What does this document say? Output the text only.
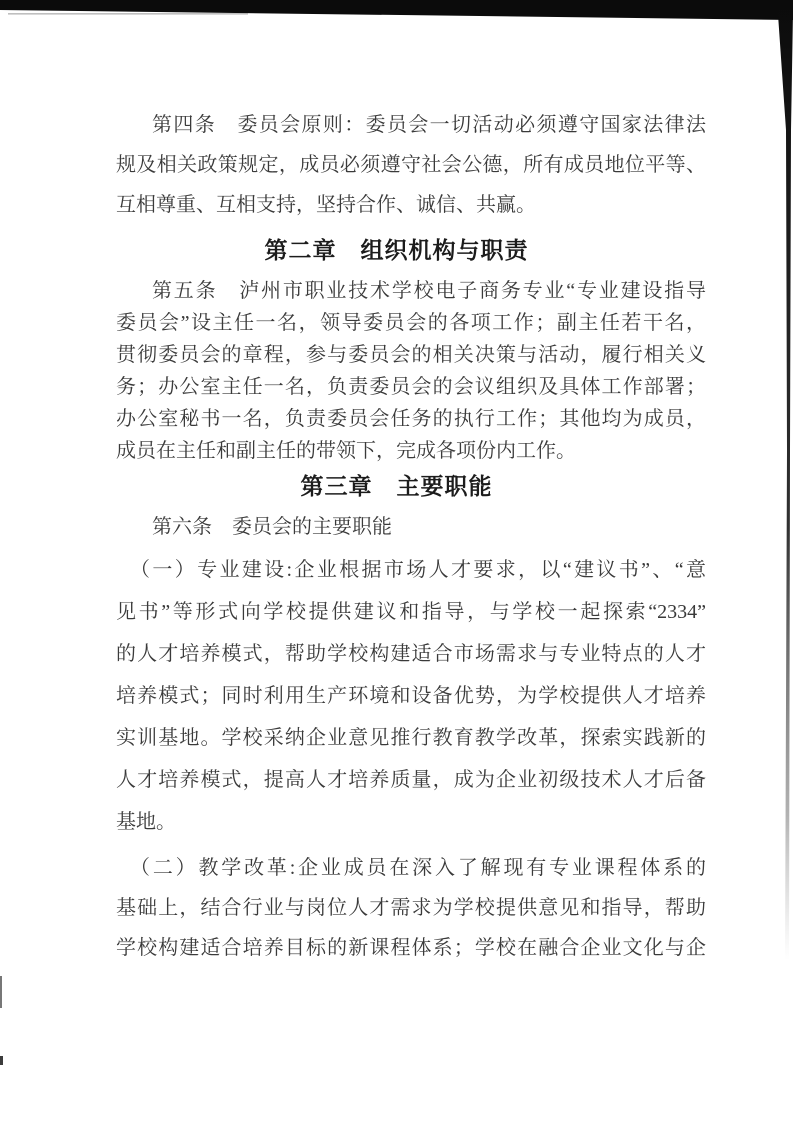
第四条　委员会原则：委员会一切活动必须遵守国家法律法
规及相关政策规定，成员必须遵守社会公德，所有成员地位平等、
互相尊重、互相支持，坚持合作、诚信、共赢。
第二章　组织机构与职责
第五条　泸州市职业技术学校电子商务专业“专业建设指导
委员会”设主任一名，领导委员会的各项工作；副主任若干名，
贯彻委员会的章程，参与委员会的相关决策与活动，履行相关义
务；办公室主任一名，负责委员会的会议组织及具体工作部署；
办公室秘书一名，负责委员会任务的执行工作；其他均为成员，
成员在主任和副主任的带领下，完成各项份内工作。
第三章　主要职能
第六条　委员会的主要职能
（一）专业建设:企业根据市场人才要求，以“建议书”、“意
见书”等形式向学校提供建议和指导，与学校一起探索“2334”
的人才培养模式，帮助学校构建适合市场需求与专业特点的人才
培养模式；同时利用生产环境和设备优势，为学校提供人才培养
实训基地。学校采纳企业意见推行教育教学改革，探索实践新的
人才培养模式，提高人才培养质量，成为企业初级技术人才后备
基地。
（二）教学改革:企业成员在深入了解现有专业课程体系的
基础上，结合行业与岗位人才需求为学校提供意见和指导，帮助
学校构建适合培养目标的新课程体系；学校在融合企业文化与企
